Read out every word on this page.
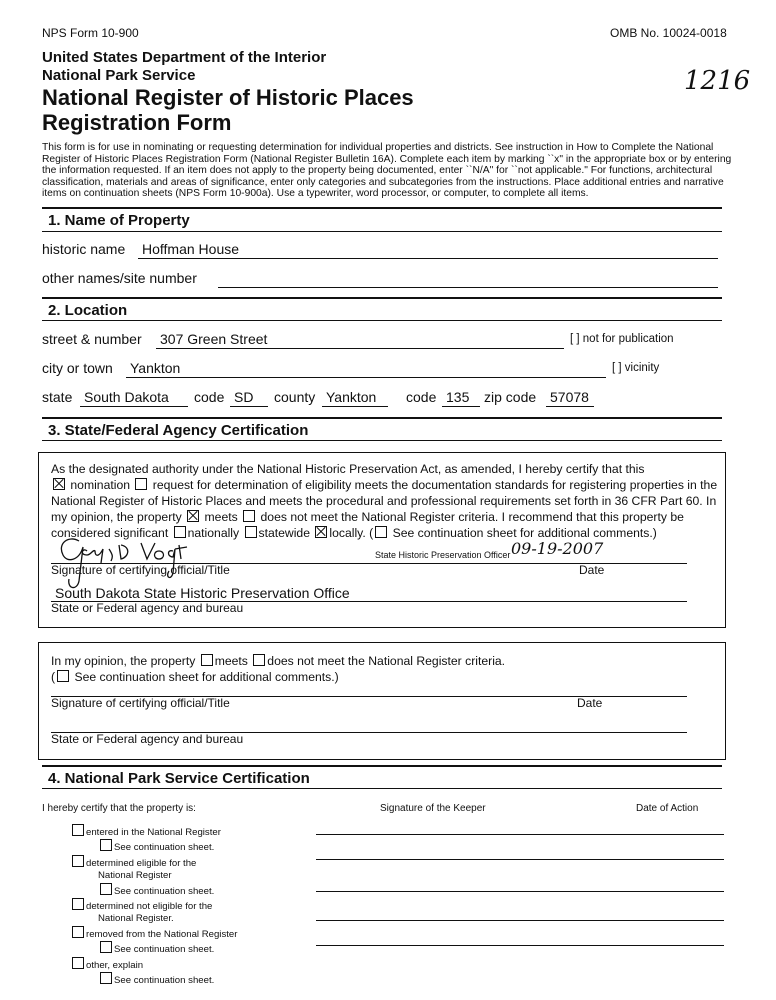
NPS Form 10-900	OMB No. 10024-0018
1216
United States Department of the Interior
National Park Service
National Register of Historic Places
Registration Form
This form is for use in nominating or requesting determination for individual properties and districts. See instruction in How to Complete the National Register of Historic Places Registration Form (National Register Bulletin 16A). Complete each item by marking ``x" in the appropriate box or by entering the information requested. If an item does not apply to the property being documented, enter ``N/A" for ``not applicable." For functions, architectural classification, materials and areas of significance, enter only categories and subcategories from the instructions. Place additional entries and narrative items on continuation sheets (NPS Form 10-900a). Use a typewriter, word processor, or computer, to complete all items.
1. Name of Property
historic name Hoffman House
other names/site number
2. Location
street & number 307 Green Street	[ ] not for publication
city or town Yankton	[ ] vicinity
state South Dakota	code SD	county Yankton	code 135	zip code 57078
3. State/Federal Agency Certification
As the designated authority under the National Historic Preservation Act, as amended, I hereby certify that this
nomination request for determination of eligibility meets the documentation standards for registering properties in the
National Register of Historic Places and meets the procedural and professional requirements set forth in 36 CFR Part 60. In
my opinion, the property meets does not meet the National Register criteria. I recommend that this property be
considered significant nationally statewide locally. ( See continuation sheet for additional comments.)
State Historic Preservation Officer 09-19-2007
Signature of certifying official/Title	Date
South Dakota State Historic Preservation Office
State or Federal agency and bureau
In my opinion, the property meets does not meet the National Register criteria.
( See continuation sheet for additional comments.)
Signature of certifying official/Title	Date
State or Federal agency and bureau
4. National Park Service Certification
I hereby certify that the property is:	Signature of the Keeper	Date of Action
entered in the National Register
See continuation sheet.
determined eligible for the
National Register
See continuation sheet.
determined not eligible for the
National Register.
removed from the National Register
See continuation sheet.
other, explain
See continuation sheet.
